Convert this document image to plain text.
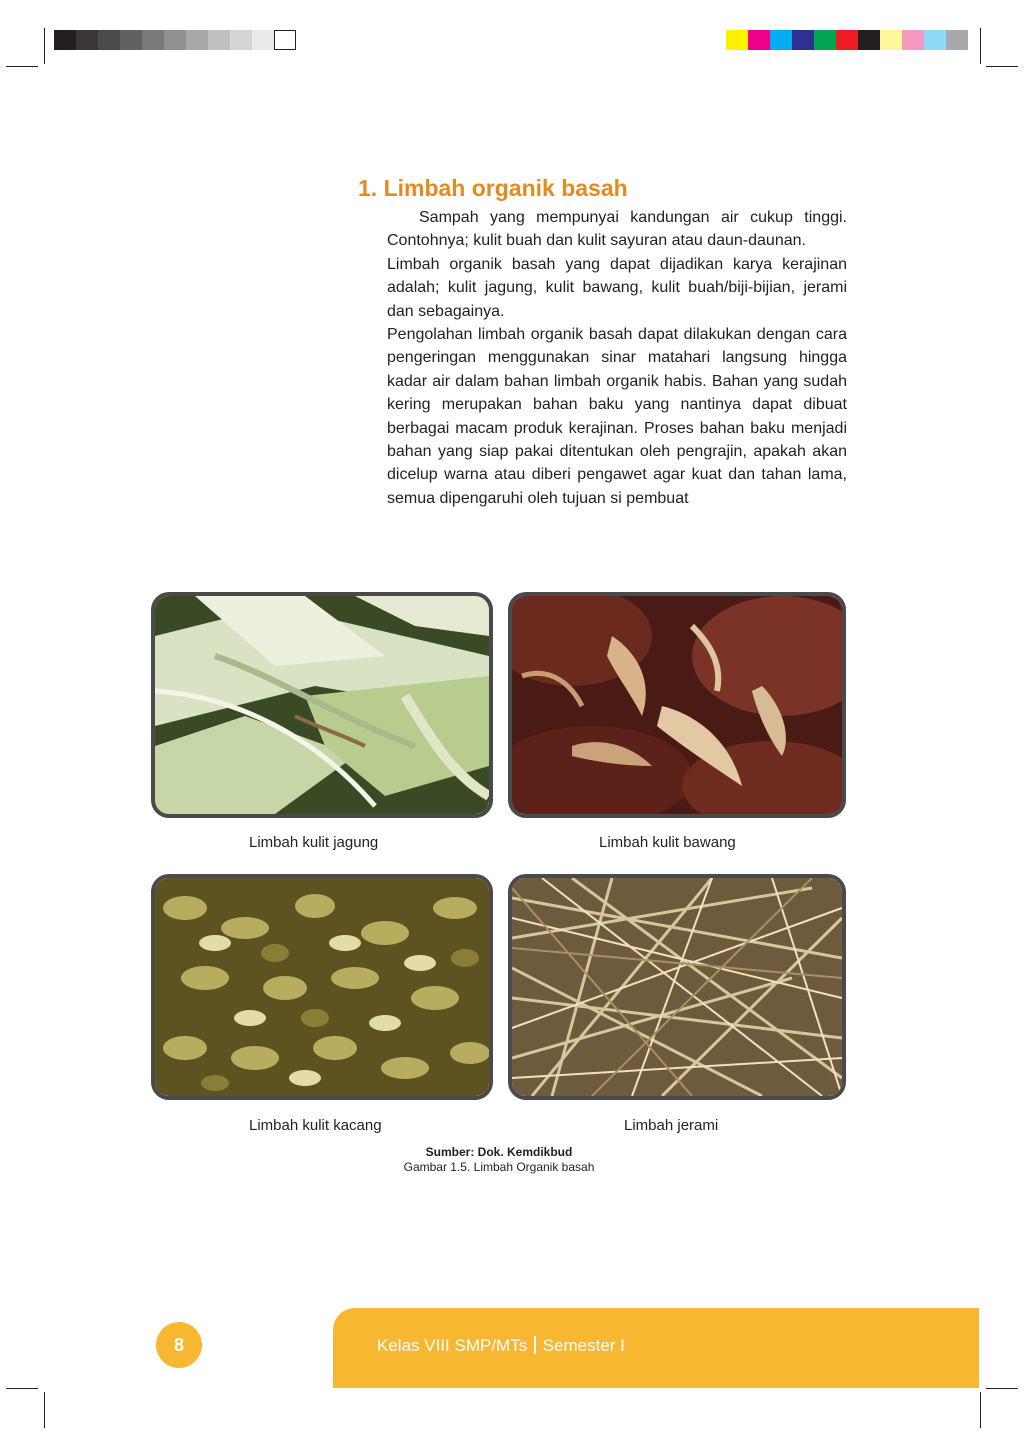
1. Limbah organik basah

Sampah yang mempunyai kandungan air cukup tinggi. Contohnya; kulit buah dan kulit sayuran atau daun-daunan.

Limbah organik basah yang dapat dijadikan karya kerajinan adalah; kulit jagung, kulit bawang, kulit buah/biji-bijian, jerami dan sebagainya.

Pengolahan limbah organik basah dapat dilakukan dengan cara pengeringan menggunakan sinar matahari langsung hingga kadar air dalam bahan limbah organik habis. Bahan yang sudah kering merupakan bahan baku yang nantinya dapat dibuat berbagai macam produk kerajinan. Proses bahan baku menjadi bahan yang siap pakai ditentukan oleh pengrajin, apakah akan dicelup warna atau diberi pengawet agar kuat dan tahan lama, semua dipengaruhi oleh tujuan si pembuat

Limbah kulit jagung	Limbah kulit bawang
Limbah kulit kacang	Limbah jerami
Sumber: Dok. Kemdikbud
Gambar 1.5. Limbah Organik basah
Kelas VIII SMP/MTs Semester I
8
